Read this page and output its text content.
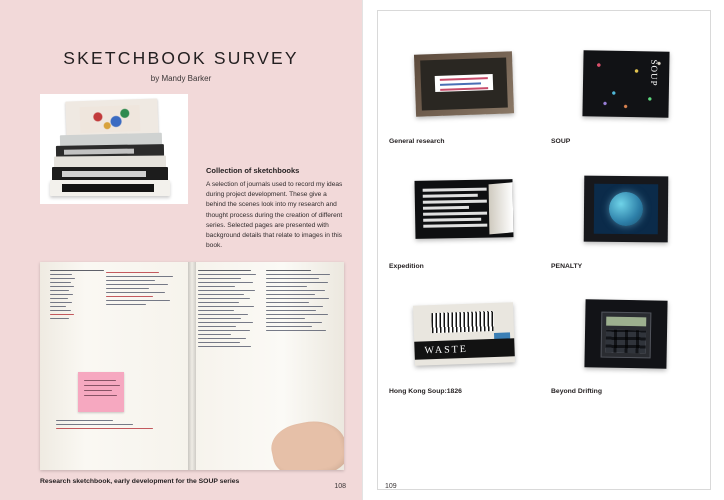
SKETCHBOOK SURVEY
by Mandy Barker
Collection of sketchbooks
A selection of journals used to record my ideas during project development. These give a behind the scenes look into my research and thought process during the creation of different series. Selected pages are presented with background details that relate to images in this book.
Research sketchbook, early development for the SOUP series
108
General research
SOUP
SOUP
Expedition	PENALTY
WASTE
Hong Kong Soup:1826	Beyond Drifting
109
